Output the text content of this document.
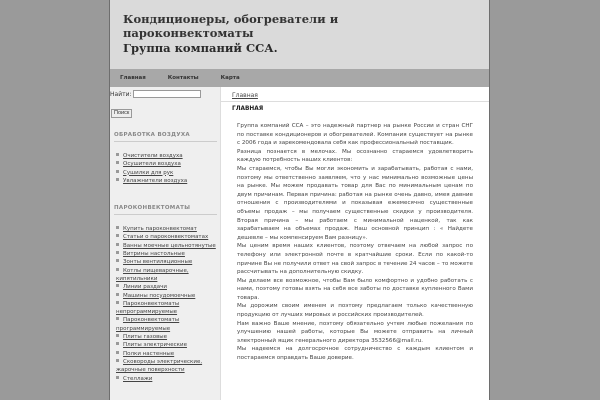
Кондиционеры, обогреватели и пароконвектоматы
Группа компаний ССА.
Главная	Контакты	Карта
Найти:
Поиск
ОБРАБОТКА ВОЗДУХА
Очистители воздуха
Осушители воздуха
Сушилки для рук
Увлажнители воздуха
ПАРОКОНВЕКТОМАТЫ
Купить пароконвектомат
Статьи о пароконвектоматах
Ванны моечные цельнотянутые
Витрины настольные
Зонты вентиляционные
Котлы пищеварочные, кипятильники
Линии раздачи
Машины посудомоечные
Пароконвектоматы непрограммируемые
Пароконвектоматы программируемые
Плиты газовые
Плиты электрические
Полки настенные
Сковороды электрические, жарочные поверхности
Стеллажи
Главная
ГЛАВНАЯ

Группа компаний ССА – это надежный партнер на рынке России и стран СНГ по поставке кондиционеров и обогревателей. Компания существует на рынке с 2006 года и зарекомендовала себя как профессиональный поставщик.

Разница познается в мелочах. Мы осознанно стараемся удовлетворить каждую потребность наших клиентов:

Мы стараемся, чтобы Вы могли экономить и зарабатывать, работая с нами, поэтому мы ответственно заявляем, что у нас минимально возможные цены на рынке. Мы можем продавать товар для Вас по минимальным ценам по двум причинам. Первая причина: работая на рынке очень давно, имея давние отношения с производителями и показывая ежемесячно существенные объемы продаж – мы получаем существенные скидки у производителя. Вторая причина – мы работаем с минимальной наценкой, так как зарабатываем на объемах продаж. Наш основной принцип : « Найдете дешевле – мы компенсируем Вам разницу».

Мы ценим время наших клиентов, поэтому отвечаем на любой запрос по телефону или электронной почте в кратчайшие сроки. Если по какой-то причине Вы не получили ответ на свой запрос в течение 24 часов – то можете рассчитывать на дополнительную скидку.

Мы делаем все возможное, чтобы Вам было комфортно и удобно работать с нами, поэтому готовы взять на себя все заботы по доставке купленного Вами товара.

Мы дорожим своим именем и поэтому предлагаем только качественную продукцию от лучших мировых и российских производителей.

Нам важно Ваше мнение, поэтому обязательно учтем любые пожелания по улучшению нашей работы, которые Вы можете отправить на личный электронный ящик генерального директора 3532566@mail.ru.

Мы надеемся на долгосрочное сотрудничество с каждым клиентом и постараемся оправдать Ваше доверие.
